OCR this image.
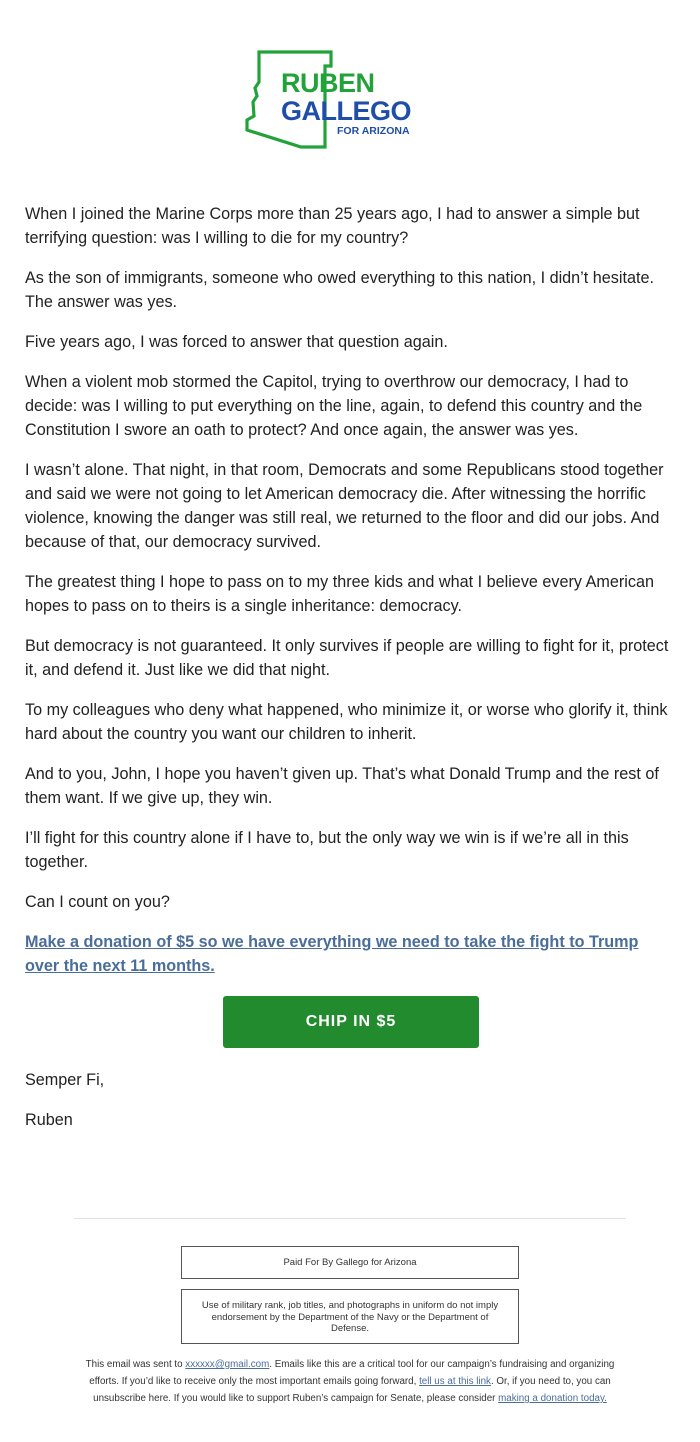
RUBEN
GALLEGO
FOR ARIZONA

When I joined the Marine Corps more than 25 years ago, I had to answer a simple but terrifying question: was I willing to die for my country?

As the son of immigrants, someone who owed everything to this nation, I didn’t hesitate. The answer was yes.

Five years ago, I was forced to answer that question again.

When a violent mob stormed the Capitol, trying to overthrow our democracy, I had to decide: was I willing to put everything on the line, again, to defend this country and the Constitution I swore an oath to protect? And once again, the answer was yes.

I wasn’t alone. That night, in that room, Democrats and some Republicans stood together and said we were not going to let American democracy die. After witnessing the horrific violence, knowing the danger was still real, we returned to the floor and did our jobs. And because of that, our democracy survived.

The greatest thing I hope to pass on to my three kids and what I believe every American hopes to pass on to theirs is a single inheritance: democracy.

But democracy is not guaranteed. It only survives if people are willing to fight for it, protect it, and defend it. Just like we did that night.

To my colleagues who deny what happened, who minimize it, or worse who glorify it, think hard about the country you want our children to inherit.

And to you, John, I hope you haven’t given up. That’s what Donald Trump and the rest of them want. If we give up, they win.

I’ll fight for this country alone if I have to, but the only way we win is if we’re all in this together.

Can I count on you?

Make a donation of $5 so we have everything we need to take the fight to Trump over the next 11 months.
CHIP IN $5

Semper Fi,

Ruben

Paid For By Gallego for Arizona
Use of military rank, job titles, and photographs in uniform do not imply endorsement by the Department of the Navy or the Department of Defense.
This email was sent to xxxxxx@gmail.com. Emails like this are a critical tool for our campaign’s fundraising and organizing efforts. If you’d like to receive only the most important emails going forward, tell us at this link. Or, if you need to, you can unsubscribe here. If you would like to support Ruben’s campaign for Senate, please consider making a donation today.
